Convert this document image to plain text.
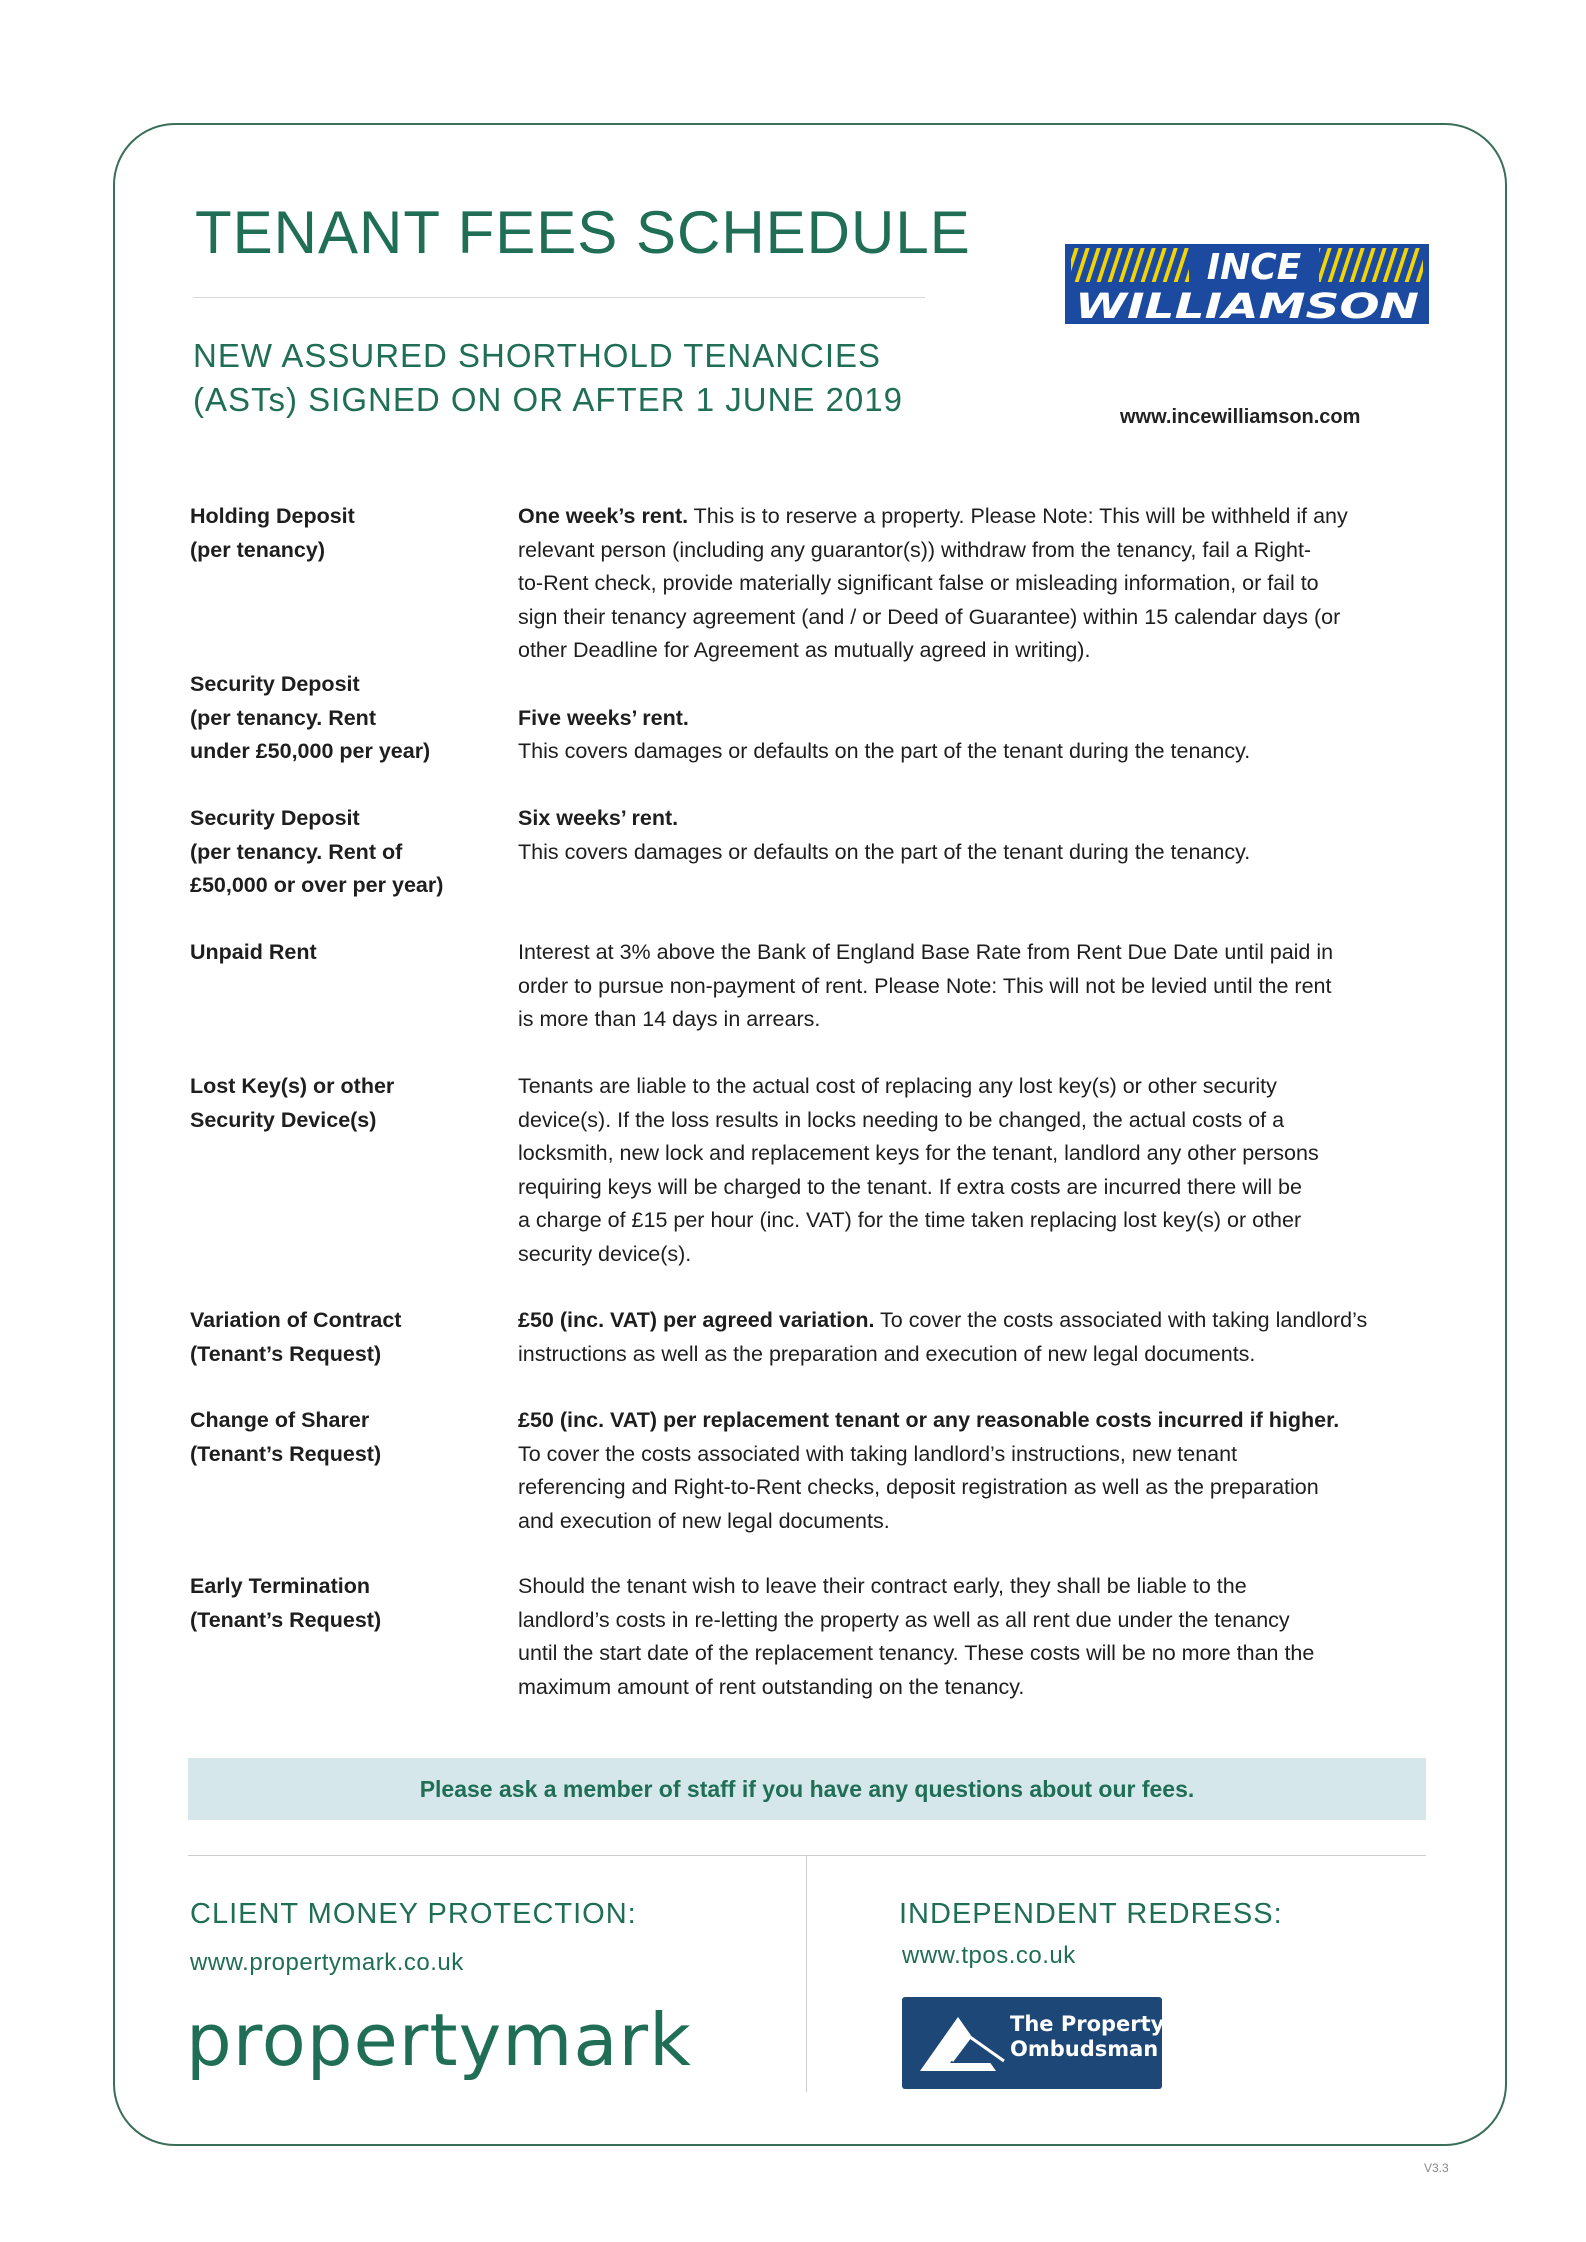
TENANT FEES SCHEDULE
NEW ASSURED SHORTHOLD TENANCIES
(ASTs) SIGNED ON OR AFTER 1 JUNE 2019
INCE
WILLIAMSON
www.incewilliamson.com
Holding Deposit
(per tenancy)
One week’s rent. This is to reserve a property. Please Note: This will be withheld if any
relevant person (including any guarantor(s)) withdraw from the tenancy, fail a Right-
to-Rent check, provide materially significant false or misleading information, or fail to
sign their tenancy agreement (and / or Deed of Guarantee) within 15 calendar days (or
other Deadline for Agreement as mutually agreed in writing).
Security Deposit
(per tenancy. Rent
under £50,000 per year)
Five weeks’ rent.
This covers damages or defaults on the part of the tenant during the tenancy.
Security Deposit
(per tenancy. Rent of
£50,000 or over per year)
Six weeks’ rent.
This covers damages or defaults on the part of the tenant during the tenancy.
Unpaid Rent	Interest at 3% above the Bank of England Base Rate from Rent Due Date until paid in
order to pursue non-payment of rent. Please Note: This will not be levied until the rent
is more than 14 days in arrears.
Lost Key(s) or other
Security Device(s)
Tenants are liable to the actual cost of replacing any lost key(s) or other security
device(s). If the loss results in locks needing to be changed, the actual costs of a
locksmith, new lock and replacement keys for the tenant, landlord any other persons
requiring keys will be charged to the tenant. If extra costs are incurred there will be
a charge of £15 per hour (inc. VAT) for the time taken replacing lost key(s) or other
security device(s).
Variation of Contract
(Tenant’s Request)
£50 (inc. VAT) per agreed variation. To cover the costs associated with taking landlord’s
instructions as well as the preparation and execution of new legal documents.
Change of Sharer
(Tenant’s Request)
£50 (inc. VAT) per replacement tenant or any reasonable costs incurred if higher.
To cover the costs associated with taking landlord’s instructions, new tenant
referencing and Right-to-Rent checks, deposit registration as well as the preparation
and execution of new legal documents.
Early Termination
(Tenant’s Request)
Should the tenant wish to leave their contract early, they shall be liable to the
landlord’s costs in re-letting the property as well as all rent due under the tenancy
until the start date of the replacement tenancy. These costs will be no more than the
maximum amount of rent outstanding on the tenancy.
Please ask a member of staff if you have any questions about our fees.
CLIENT MONEY PROTECTION:
www.propertymark.co.uk
propertymark
INDEPENDENT REDRESS:
www.tpos.co.uk
The Property
Ombudsman
V3.3
